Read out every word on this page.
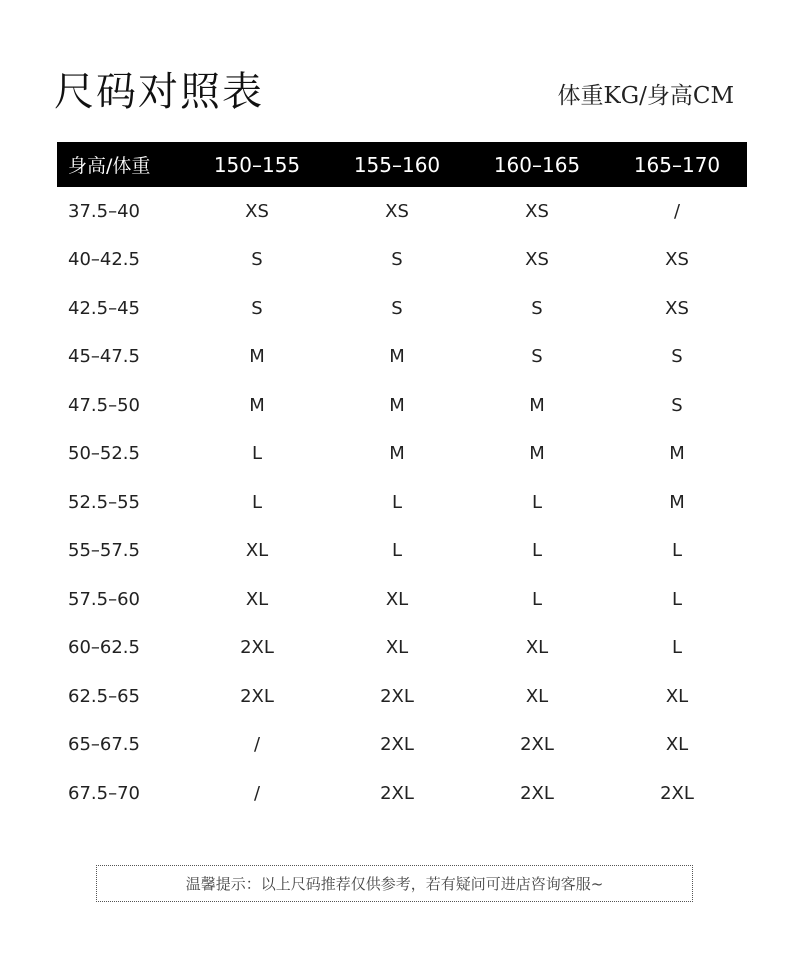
尺码对照表	体重KG/身高CM
身高/体重	150–155	155–160	160–165	165–170
37.5–40	XS	XS	XS	/
40–42.5	S	S	XS	XS
42.5–45	S	S	S	XS
45–47.5	M	M	S	S
47.5–50	M	M	M	S
50–52.5	L	M	M	M
52.5–55	L	L	L	M
55–57.5	XL	L	L	L
57.5–60	XL	XL	L	L
60–62.5	2XL	XL	XL	L
62.5–65	2XL	2XL	XL	XL
65–67.5	/	2XL	2XL	XL
67.5–70	/	2XL	2XL	2XL
温馨提示：以上尺码推荐仅供参考，若有疑问可进店咨询客服~
